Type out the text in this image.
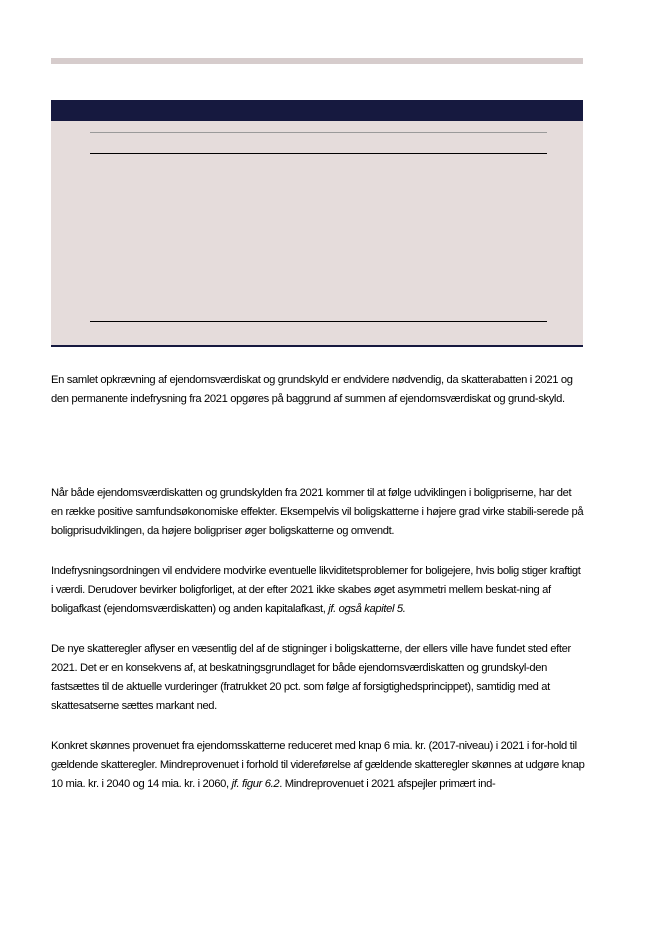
En samlet opkrævning af ejendomsværdiskat og grundskyld er endvidere nødvendig, da skatterabatten i 2021 og den permanente indefrysning fra 2021 opgøres på baggrund af summen af ejendomsværdiskat og grund-skyld.

Når både ejendomsværdiskatten og grundskylden fra 2021 kommer til at følge udviklingen i boligpriserne, har det en række positive samfundsøkonomiske effekter. Eksempelvis vil boligskatterne i højere grad virke stabili-serede på boligprisudviklingen, da højere boligpriser øger boligskatterne og omvendt.

Indefrysningsordningen vil endvidere modvirke eventuelle likviditetsproblemer for boligejere, hvis bolig stiger kraftigt i værdi. Derudover bevirker boligforliget, at der efter 2021 ikke skabes øget asymmetri mellem beskat-ning af boligafkast (ejendomsværdiskatten) og anden kapitalafkast, jf. også kapitel 5.

De nye skatteregler aflyser en væsentlig del af de stigninger i boligskatterne, der ellers ville have fundet sted efter 2021. Det er en konsekvens af, at beskatningsgrundlaget for både ejendomsværdiskatten og grundskyl-den fastsættes til de aktuelle vurderinger (fratrukket 20 pct. som følge af forsigtighedsprincippet), samtidig med at skattesatserne sættes markant ned.

Konkret skønnes provenuet fra ejendomsskatterne reduceret med knap 6 mia. kr. (2017-niveau) i 2021 i for-hold til gældende skatteregler. Mindreprovenuet i forhold til videreførelse af gældende skatteregler skønnes at udgøre knap 10 mia. kr. i 2040 og 14 mia. kr. i 2060, jf. figur 6.2. Mindreprovenuet i 2021 afspejler primært ind-
